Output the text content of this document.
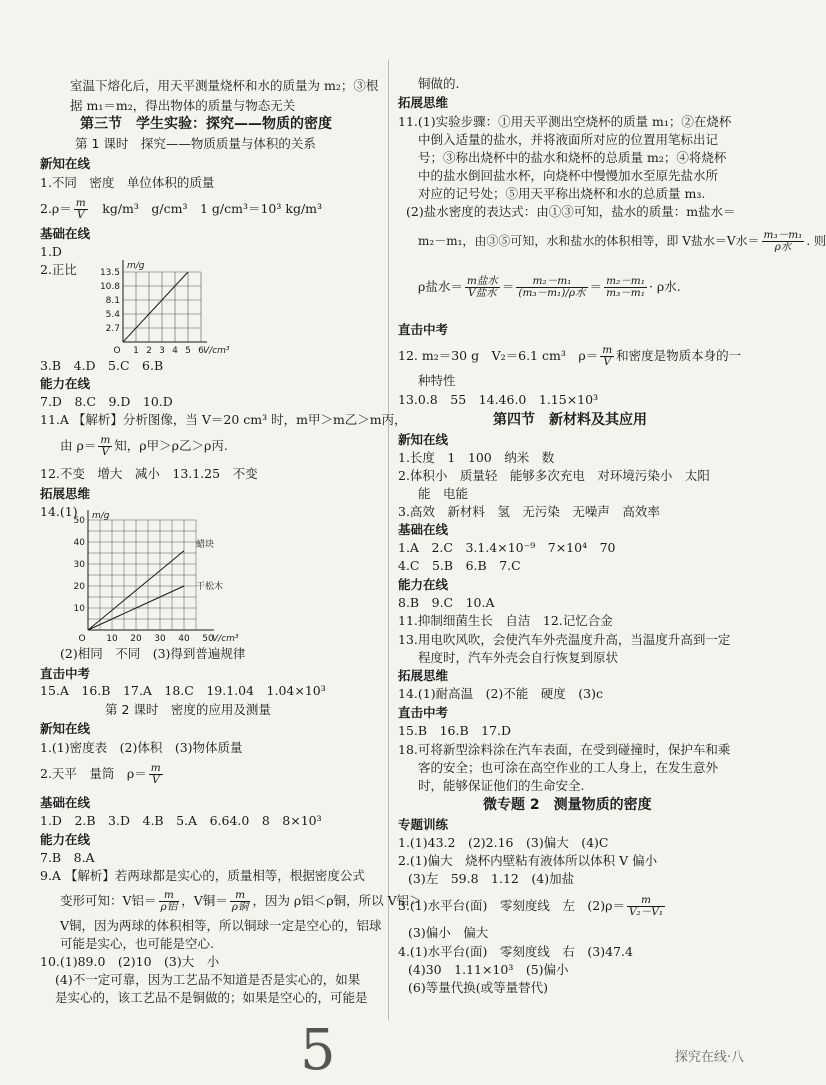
室温下熔化后，用天平测量烧杯和水的质量为 m₂；③根
据 m₁＝m₂，得出物体的质量与物态无关
第三节　学生实验：探究——物质的密度
第 1 课时　探究——物质质量与体积的关系
新知在线
1.不同　密度　单位体积的质量
$2.\rho= \frac{m}{V}$ 　kg/m³　g/cm³　1 g/cm³＝10³ kg/m³
基础在线
1.D
2.正比	13.5
10.8
8.1
5.4
2.7
O 1 2 3 4 5 6
m/g
V/cm³
3.B　4.D　5.C　6.B
能力在线
7.D　8.C　9.D　10.D
11.A 【解析】分析图像，当 V＝20 cm³ 时，m甲＞m乙＞m丙，
由 $\rho= \frac{m}{V}$ 知，ρ甲＞ρ乙＞ρ丙.
12.不变　增大　减小　13.1.25　不变
拓展思维
14.(1)
蜡块
干松木
50
40
30
20
10
O 10 20 30 40 50
m/g
V/cm³
(2)相同　不同　(3)得到普遍规律
直击中考
15.A　16.B　17.A　18.C　19.1.04　1.04×10³
第 2 课时　密度的应用及测量
新知在线
1.(1)密度表　(2)体积　(3)物体质量
2.天平　量筒　$\rho= \frac{m}{V}$
基础在线
1.D　2.B　3.D　4.B　5.A　6.64.0　8　8×10³
能力在线
7.B　8.A
9.A 【解析】若两球都是实心的，质量相等，根据密度公式
变形可知：V铝＝ $\frac{m}{\text{ρ铝}}$ ，V铜＝ $\frac{m}{\text{ρ铜}}$ ，因为 ρ铝＜ρ铜，所以 V铝＞
V铜，因为两球的体积相等，所以铜球一定是空心的，铝球
可能是实心，也可能是空心.
10.(1)89.0　(2)10　(3)大　小
(4)不一定可靠，因为工艺品不知道是否是实心的，如果
是实心的，该工艺品不是铜做的；如果是空心的，可能是
铜做的.
拓展思维
11.(1)实验步骤：①用天平测出空烧杯的质量 m₁；②在烧杯
中倒入适量的盐水，并将液面所对应的位置用笔标出记
号；③称出烧杯中的盐水和烧杯的总质量 m₂；④将烧杯
中的盐水倒回盐水杯，向烧杯中慢慢加水至原先盐水所
对应的记号处；⑤用天平称出烧杯和水的总质量 m₃.
(2)盐水密度的表达式：由①③可知，盐水的质量：m盐水＝
m₂－m₁，由③⑤可知，水和盐水的体积相等，即 V盐水＝V水＝ $\frac{\text{m₃－m₁}}{\text{ρ水}}$ . 则
ρ盐水＝ $\frac{\text{m盐水}}{\text{V盐水}} = \frac{\text{m₂－m₁}}{\text{(m₃－m₁)/ρ水}} = \frac{\text{m₂－m₁}}{\text{m₃－m₁}} \cdot \rho$水.
直击中考
12. m₂＝30 g　V₂＝6.1 cm³　$\rho= \frac{m}{V}$ 和密度是物质本身的一
种特性
13.0.8　55　14.46.0　1.15×10³
第四节　新材料及其应用
新知在线
1.长度　1　100　纳米　数
2.体积小　质量轻　能够多次充电　对环境污染小　太阳
能　电能
3.高效　新材料　氢　无污染　无噪声　高效率
基础在线
1.A　2.C　3.1.4×10⁻⁹　7×10⁴　70
4.C　5.B　6.B　7.C
能力在线
8.B　9.C　10.A
11.抑制细菌生长　自洁　12.记忆合金
13.用电吹风吹，会使汽车外壳温度升高，当温度升高到一定
程度时，汽车外壳会自行恢复到原状
拓展思维
14.(1)耐高温　(2)不能　硬度　(3)c
直击中考
15.B　16.B　17.D
18.可将新型涂料涂在汽车表面，在受到碰撞时，保护车和乘
客的安全；也可涂在高空作业的工人身上，在发生意外
时，能够保证他们的生命安全.
微专题 2　测量物质的密度
专题训练
1.(1)43.2　(2)2.16　(3)偏大　(4)C
2.(1)偏大　烧杯内壁粘有液体所以体积 V 偏小
(3)左　59.8　1.12　(4)加盐
3.(1)水平台(面)　零刻度线　左　$(2)\rho= \frac{m}{\text{V₂－V₁}}$
(3)偏小　偏大
4.(1)水平台(面)　零刻度线　右　(3)47.4
(4)30　1.11×10³　(5)偏小
(6)等量代换(或等量替代)
探究在线·八
5
